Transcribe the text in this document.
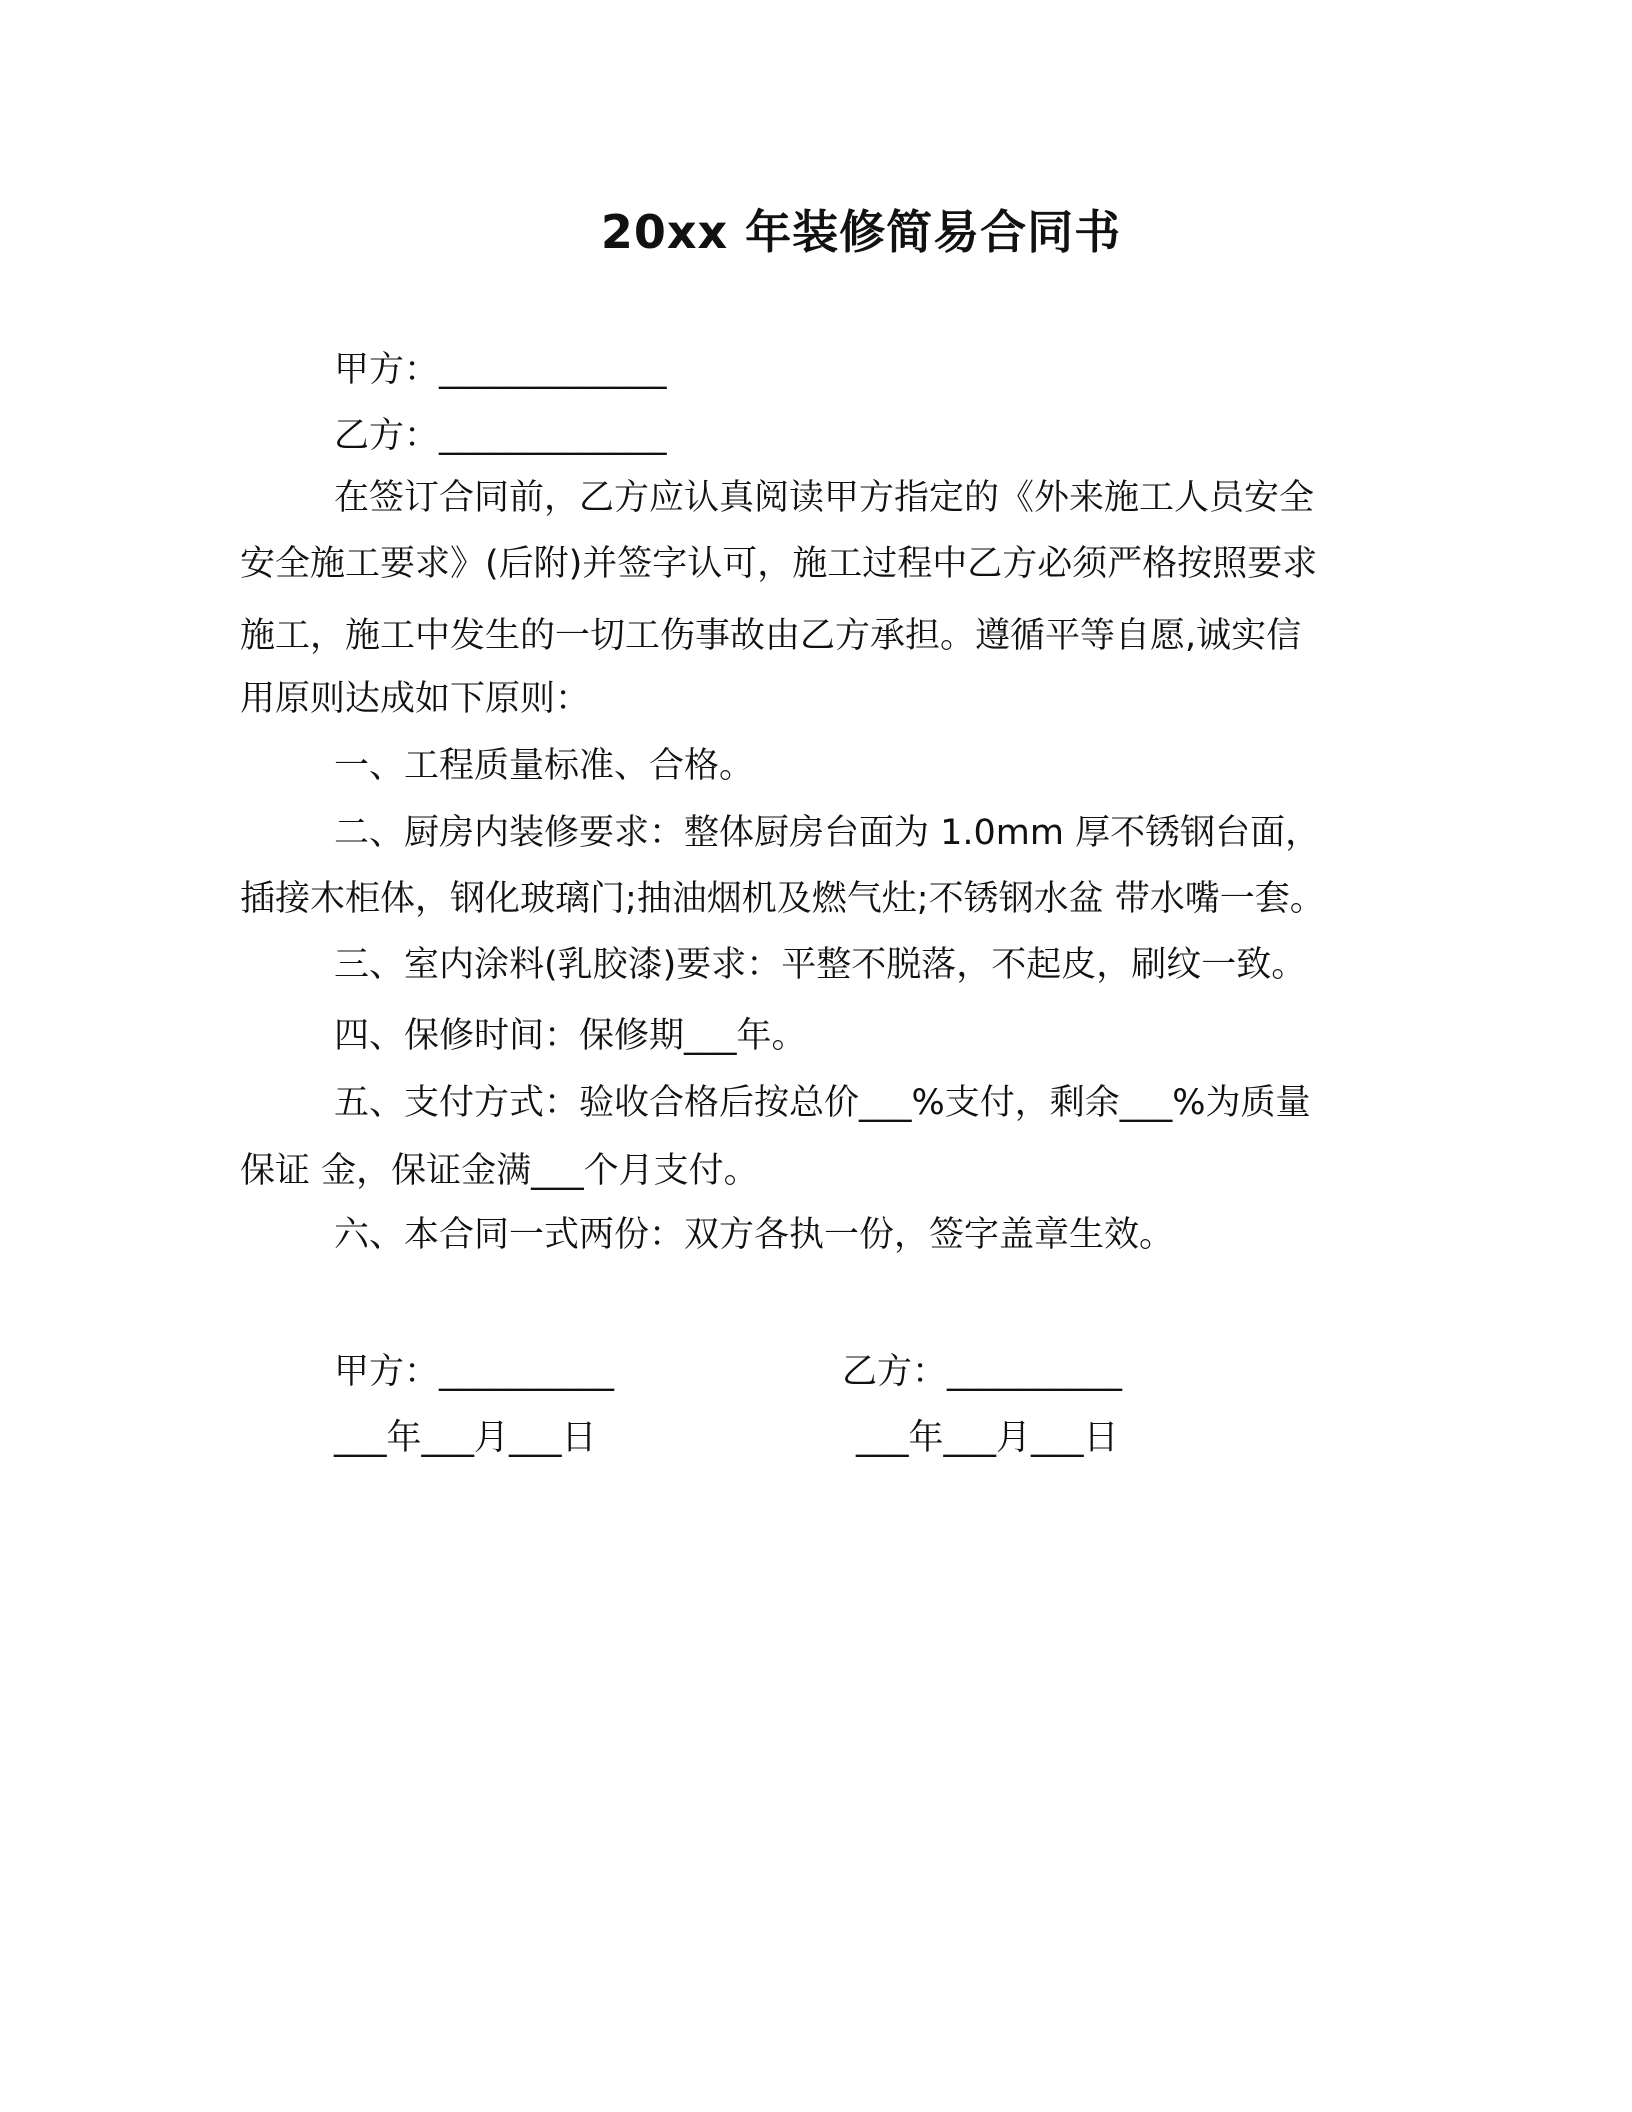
20xx 年装修简易合同书
甲方：_____________
乙方：_____________
在签订合同前，乙方应认真阅读甲方指定的《外来施工人员安全
安全施工要求》(后附)并签字认可，施工过程中乙方必须严格按照要求
施工，施工中发生的一切工伤事故由乙方承担。遵循平等自愿,诚实信
用原则达成如下原则：
一、工程质量标准、合格。
二、厨房内装修要求：整体厨房台面为 1.0mm 厚不锈钢台面，
插接木柜体，钢化玻璃门;抽油烟机及燃气灶;不锈钢水盆 带水嘴一套。
三、室内涂料(乳胶漆)要求：平整不脱落，不起皮，刷纹一致。
四、保修时间：保修期___年。
五、支付方式：验收合格后按总价___%支付，剩余___%为质量
保证 金，保证金满___个月支付。
六、本合同一式两份：双方各执一份，签字盖章生效。
甲方：__________	乙方：__________
___年___月___日	___年___月___日
